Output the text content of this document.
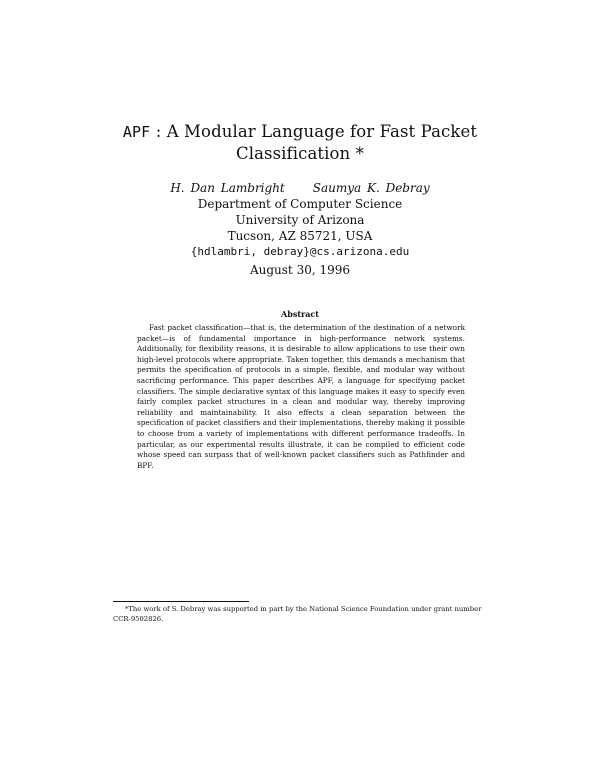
APF : A Modular Language for Fast Packet
Classification *
H. Dan Lambright Saumya K. Debray
Department of Computer Science
University of Arizona
Tucson, AZ 85721, USA
{hdlambri, debray}@cs.arizona.edu
August 30, 1996
Abstract

Fast packet classification—that is, the determination of the destination of a network packet—is of fundamental importance in high-performance network systems. Additionally, for flexibility reasons, it is desirable to allow applications to use their own high-level protocols where appropriate. Taken together, this demands a mechanism that permits the specification of protocols in a simple, flexible, and modular way without sacrificing performance. This paper describes APF, a language for specifying packet classifiers. The simple declarative syntax of this language makes it easy to specify even fairly complex packet structures in a clean and modular way, thereby improving reliability and maintainability. It also effects a clean separation between the specification of packet classifiers and their implementations, thereby making it possible to choose from a variety of implementations with different performance tradeoffs. In particular, as our experimental results illustrate, it can be compiled to efficient code whose speed can surpass that of well-known packet classifiers such as Pathfinder and BPF.

*The work of S. Debray was supported in part by the National Science Foundation under grant number CCR-9502826.
